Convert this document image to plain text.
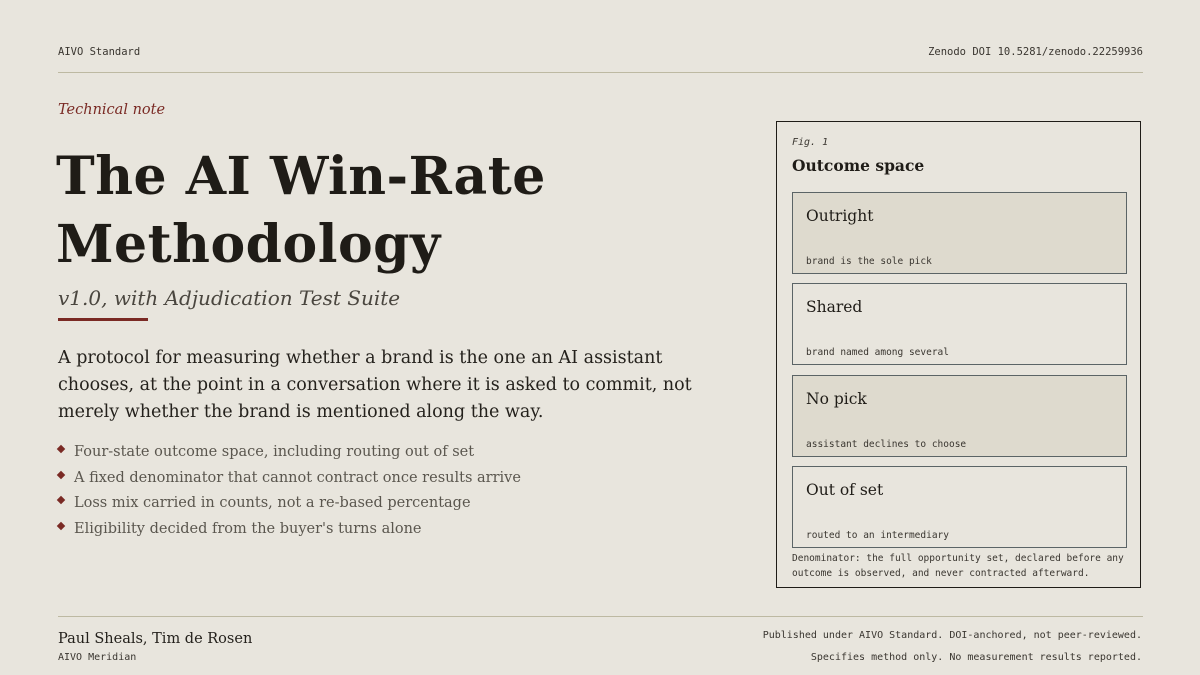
AIVO Standard	Zenodo DOI 10.5281/zenodo.22259936
Technical note
The AI Win-Rate Methodology
v1.0, with Adjudication Test Suite

A protocol for measuring whether a brand is the one an AI assistant chooses, at the point in a conversation where it is asked to commit, not merely whether the brand is mentioned along the way.

Four-state outcome space, including routing out of set
A fixed denominator that cannot contract once results arrive
Loss mix carried in counts, not a re-based percentage
Eligibility decided from the buyer's turns alone
Fig. 1
Outcome space
Outright
brand is the sole pick
Shared
brand named among several
No pick
assistant declines to choose
Out of set
routed to an intermediary
Denominator: the full opportunity set, declared before any outcome is observed, and never contracted afterward.
Paul Sheals, Tim de Rosen
AIVO Meridian
Published under AIVO Standard. DOI-anchored, not peer-reviewed.
Specifies method only. No measurement results reported.
